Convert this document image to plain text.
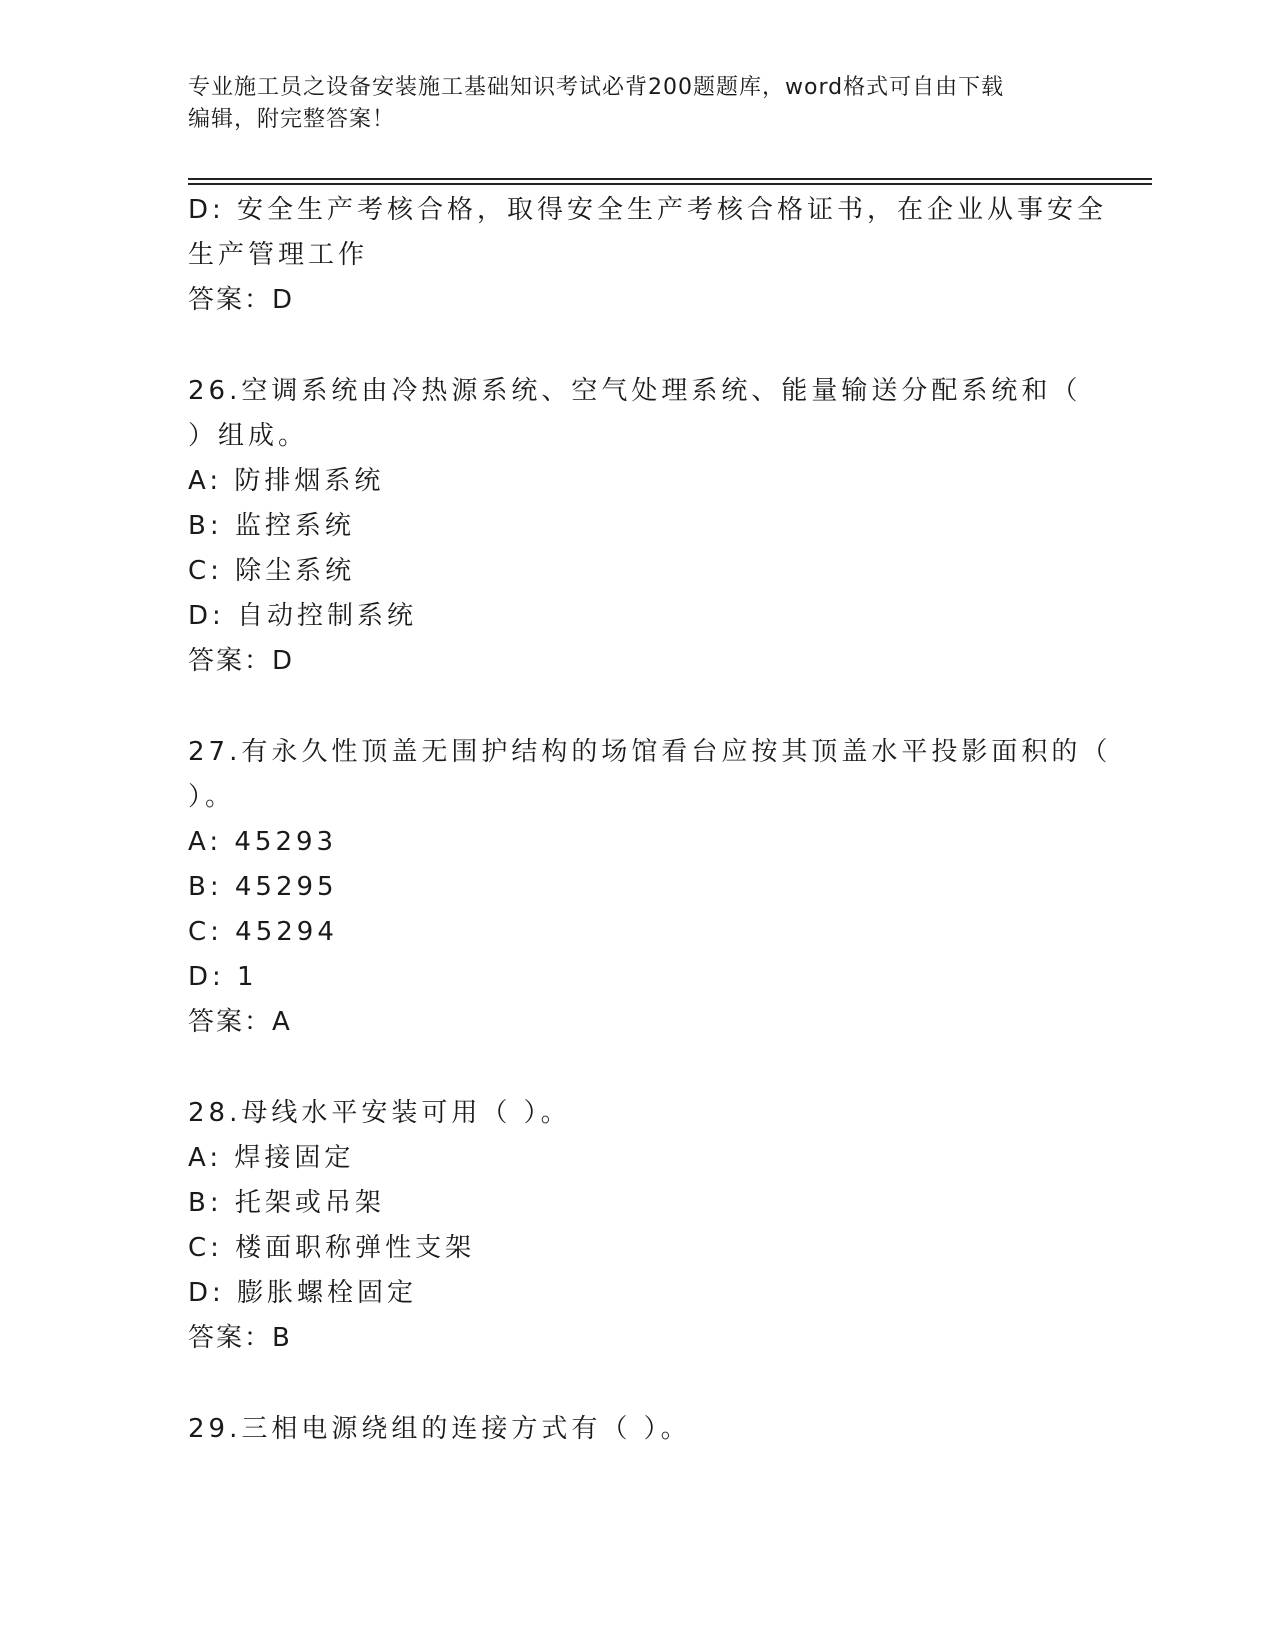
专业施工员之设备安装施工基础知识考试必背200题题库，word格式可自由下载
编辑，附完整答案！
D: 安全生产考核合格，取得安全生产考核合格证书，在企业从事安全
生产管理工作
答案：D
26.空调系统由冷热源系统、空气处理系统、能量输送分配系统和（
）组成。
A: 防排烟系统
B: 监控系统
C: 除尘系统
D: 自动控制系统
答案：D
27.有永久性顶盖无围护结构的场馆看台应按其顶盖水平投影面积的（
）。
A: 45293
B: 45295
C: 45294
D: 1
答案：A
28.母线水平安装可用（ ）。
A: 焊接固定
B: 托架或吊架
C: 楼面职称弹性支架
D: 膨胀螺栓固定
答案：B
29.三相电源绕组的连接方式有（ ）。
